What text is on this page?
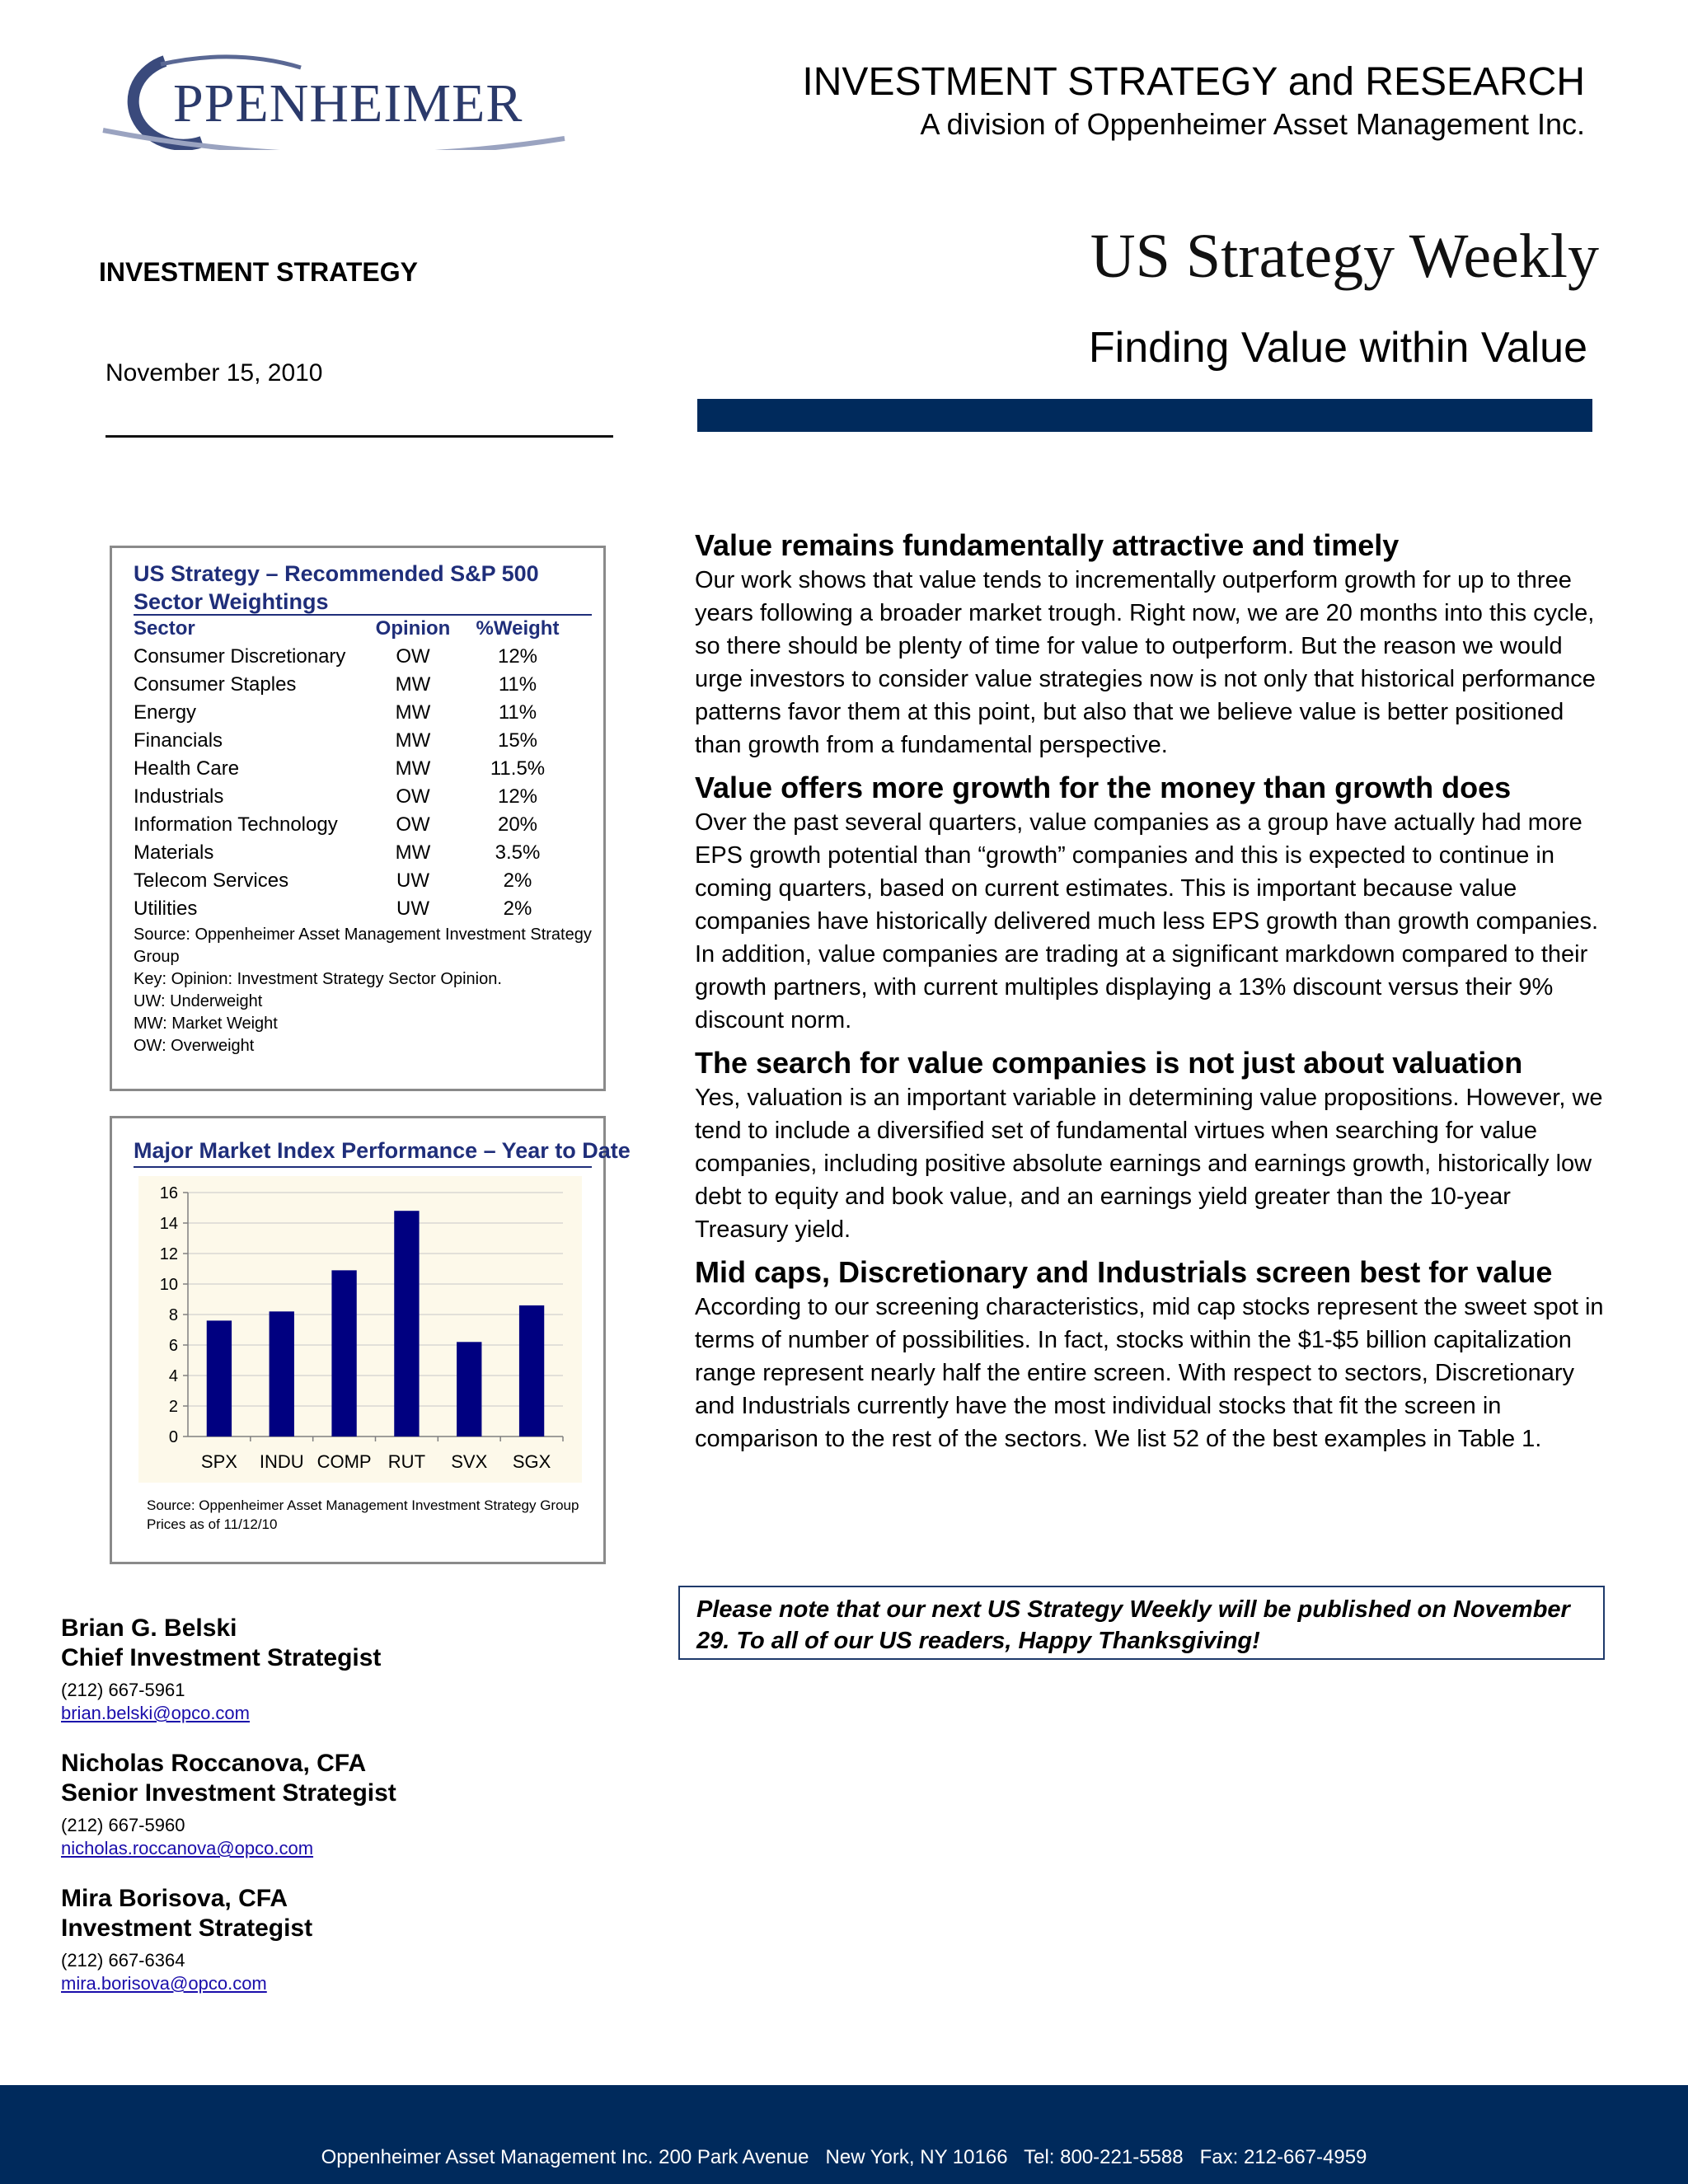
PPENHEIMER	INVESTMENT STRATEGY and RESEARCH
A division of Oppenheimer Asset Management Inc.
INVESTMENT STRATEGY
November 15, 2010
US Strategy Weekly
Finding Value within Value
US Strategy – Recommended S&P 500 Sector Weightings
Sector	Opinion	%Weight
Consumer Discretionary	OW	12%
Consumer Staples	MW	11%
Energy	MW	11%
Financials	MW	15%
Health Care	MW	11.5%
Industrials	OW	12%
Information Technology	OW	20%
Materials	MW	3.5%
Telecom Services	UW	2%
Utilities	UW	2%
Source: Oppenheimer Asset Management Investment Strategy Group
Key: Opinion: Investment Strategy Sector Opinion.
UW: Underweight
MW: Market Weight
OW: Overweight
Major Market Index Performance – Year to Date
0
2
4
6
8
10
12
14
16
SPX INDU COMP RUT SVX SGX
Source: Oppenheimer Asset Management Investment Strategy Group
Prices as of 11/12/10
Value remains fundamentally attractive and timely

Our work shows that value tends to incrementally outperform growth for up to three years following a broader market trough. Right now, we are 20 months into this cycle, so there should be plenty of time for value to outperform. But the reason we would urge investors to consider value strategies now is not only that historical performance patterns favor them at this point, but also that we believe value is better positioned than growth from a fundamental perspective.

Value offers more growth for the money than growth does

Over the past several quarters, value companies as a group have actually had more EPS growth potential than “growth” companies and this is expected to continue in coming quarters, based on current estimates. This is important because value companies have historically delivered much less EPS growth than growth companies. In addition, value companies are trading at a significant markdown compared to their growth partners, with current multiples displaying a 13% discount versus their 9% discount norm.

The search for value companies is not just about valuation

Yes, valuation is an important variable in determining value propositions. However, we tend to include a diversified set of fundamental virtues when searching for value companies, including positive absolute earnings and earnings growth, historically low debt to equity and book value, and an earnings yield greater than the 10-year Treasury yield.

Mid caps, Discretionary and Industrials screen best for value

According to our screening characteristics, mid cap stocks represent the sweet spot in terms of number of possibilities. In fact, stocks within the $1-$5 billion capitalization range represent nearly half the entire screen. With respect to sectors, Discretionary and Industrials currently have the most individual stocks that fit the screen in comparison to the rest of the sectors. We list 52 of the best examples in Table 1.

Please note that our next US Strategy Weekly will be published on November 29. To all of our US readers, Happy Thanksgiving!
Brian G. Belski
Chief Investment Strategist
(212) 667-5961
brian.belski@opco.com
Nicholas Roccanova, CFA
Senior Investment Strategist
(212) 667-5960
nicholas.roccanova@opco.com
Mira Borisova, CFA
Investment Strategist
(212) 667-6364
mira.borisova@opco.com
Oppenheimer Asset Management Inc. 200 Park Avenue   New York, NY 10166   Tel: 800-221-5588   Fax: 212-667-4959
